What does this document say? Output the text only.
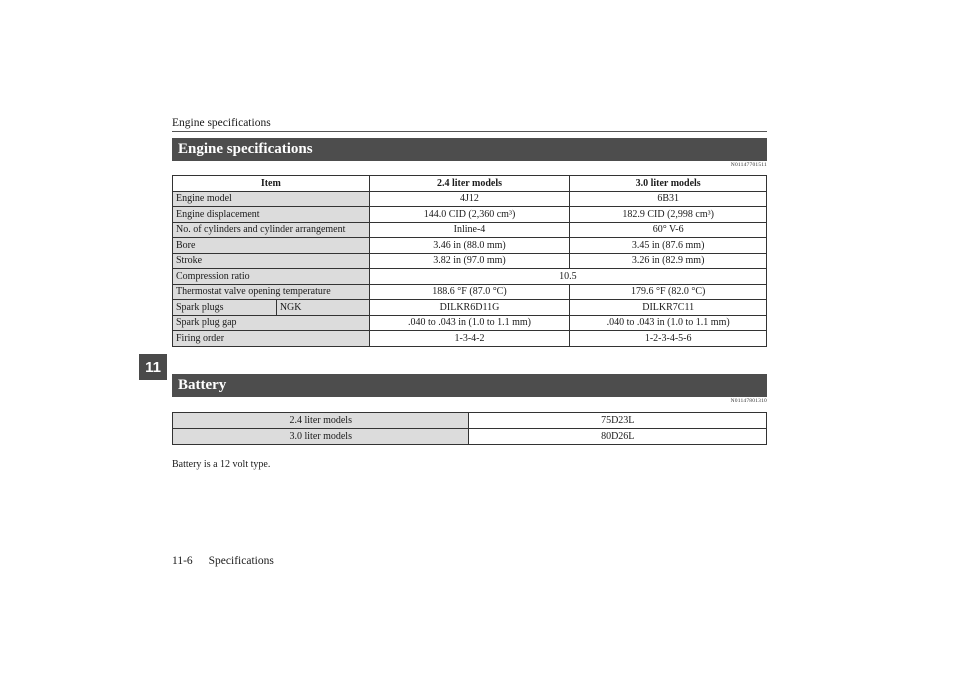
Engine specifications
11
Engine specifications
N01147701511
Item		2.4 liter models	3.0 liter models
Engine model		4J12	6B31
Engine displacement		144.0 CID (2,360 cm³)	182.9 CID (2,998 cm³)
No. of cylinders and cylinder arrangement		Inline-4	60° V-6
Bore		3.46 in (88.0 mm)	3.45 in (87.6 mm)
Stroke		3.82 in (97.0 mm)	3.26 in (82.9 mm)
Compression ratio		10.5	
Thermostat valve opening temperature		188.6 °F (87.0 °C)	179.6 °F (82.0 °C)
Spark plugs	NGK	DILKR6D11G	DILKR7C11
Spark plug gap		.040 to .043 in (1.0 to 1.1 mm)	.040 to .043 in (1.0 to 1.1 mm)
Firing order		1-3-4-2	1-2-3-4-5-6
Battery
N01147801310
2.4 liter models	75D23L
3.0 liter models	80D26L
Battery is a 12 volt type.
11-6 Specifications
